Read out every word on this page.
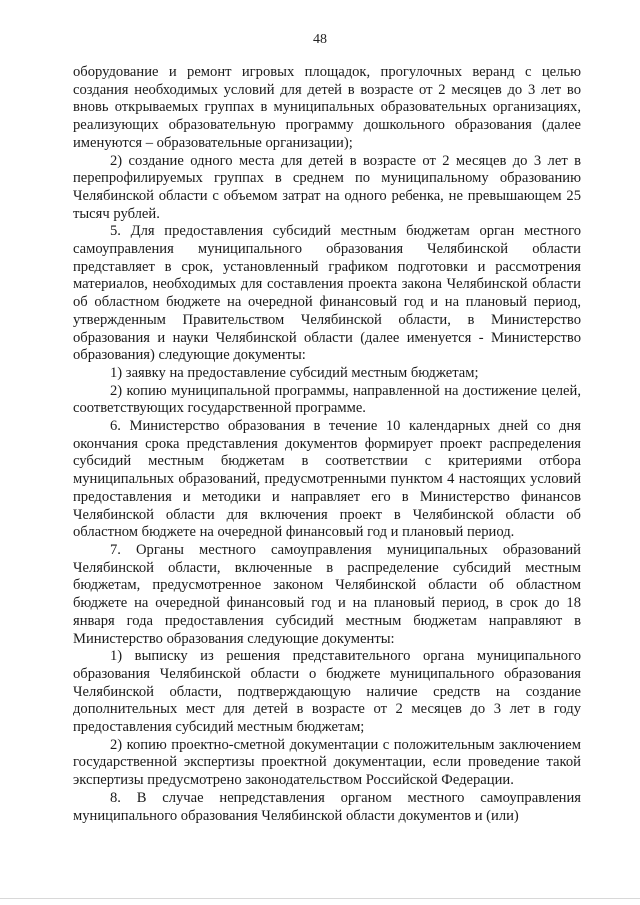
48

оборудование и ремонт игровых площадок, прогулочных веранд с целью создания необходимых условий для детей в возрасте от 2 месяцев до 3 лет во вновь открываемых группах в муниципальных образовательных организациях, реализующих образовательную программу дошкольного образования (далее именуются – образовательные организации);

2) создание одного места для детей в возрасте от 2 месяцев до 3 лет в перепрофилируемых группах в среднем по муниципальному образованию Челябинской области с объемом затрат на одного ребенка, не превышающем 25 тысяч рублей.

5. Для предоставления субсидий местным бюджетам орган местного самоуправления муниципального образования Челябинской области представляет в срок, установленный графиком подготовки и рассмотрения материалов, необходимых для составления проекта закона Челябинской области об областном бюджете на очередной финансовый год и на плановый период, утвержденным Правительством Челябинской области, в Министерство образования и науки Челябинской области (далее именуется - Министерство образования) следующие документы:

1) заявку на предоставление субсидий местным бюджетам;

2) копию муниципальной программы, направленной на достижение целей, соответствующих государственной программе.

6. Министерство образования в течение 10 календарных дней со дня окончания срока представления документов формирует проект распределения субсидий местным бюджетам в соответствии с критериями отбора муниципальных образований, предусмотренными пунктом 4 настоящих условий предоставления и методики и направляет его в Министерство финансов Челябинской области для включения проект в Челябинской области об областном бюджете на очередной финансовый год и плановый период.

7. Органы местного самоуправления муниципальных образований Челябинской области, включенные в распределение субсидий местным бюджетам, предусмотренное законом Челябинской области об областном бюджете на очередной финансовый год и на плановый период, в срок до 18 января года предоставления субсидий местным бюджетам направляют в Министерство образования следующие документы:

1) выписку из решения представительного органа муниципального образования Челябинской области о бюджете муниципального образования Челябинской области, подтверждающую наличие средств на создание дополнительных мест для детей в возрасте от 2 месяцев до 3 лет в году предоставления субсидий местным бюджетам;

2) копию проектно-сметной документации с положительным заключением государственной экспертизы проектной документации, если проведение такой экспертизы предусмотрено законодательством Российской Федерации.

8. В случае непредставления органом местного самоуправления муниципального образования Челябинской области документов и (или)
